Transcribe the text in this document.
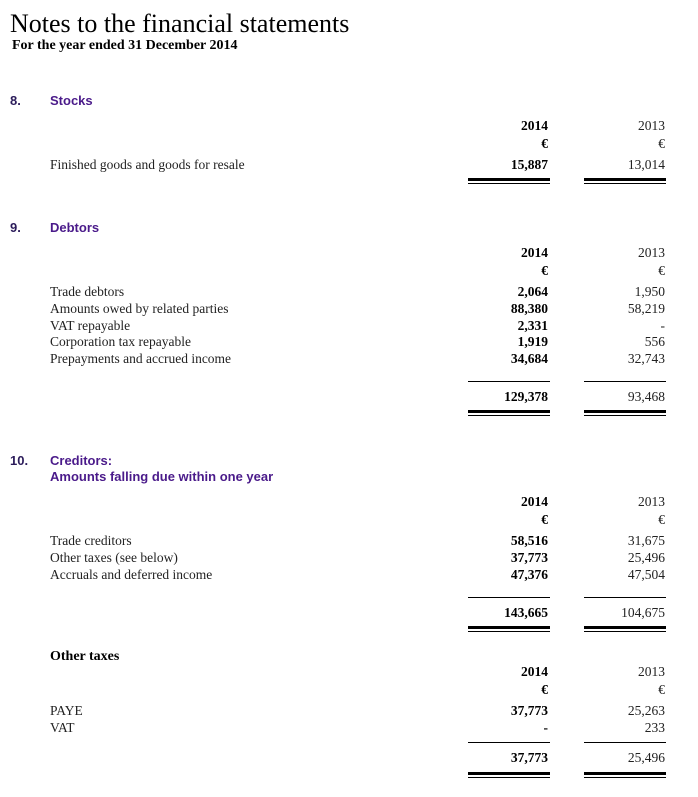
Notes to the financial statements
For the year ended 31 December 2014
8. Stocks
2014	2013
€	€
Finished goods and goods for resale	15,887	13,014
9. Debtors
2014	2013
€	€
Trade debtors	2,064	1,950
Amounts owed by related parties	88,380	58,219
VAT repayable	2,331	-
Corporation tax repayable	1,919	556
Prepayments and accrued income	34,684	32,743
129,378	93,468
10. Creditors:
Amounts falling due within one year
2014	2013
€	€
Trade creditors	58,516	31,675
Other taxes (see below)	37,773	25,496
Accruals and deferred income	47,376	47,504
143,665	104,675
Other taxes
2014	2013
€	€
PAYE	37,773	25,263
VAT	-	233
37,773	25,496
